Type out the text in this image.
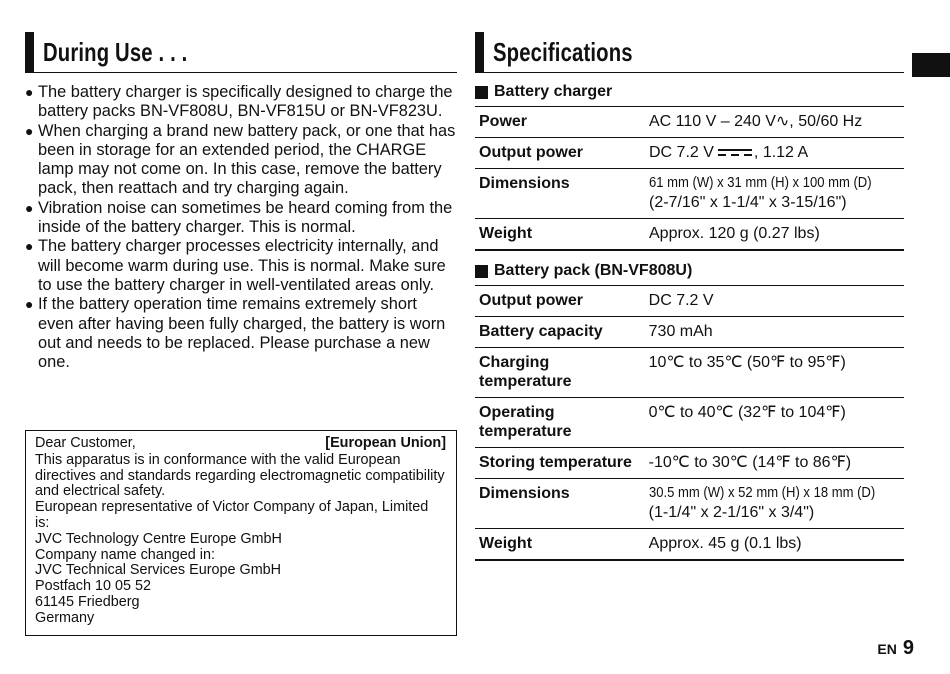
During Use . . .
● The battery charger is specifically designed to charge the battery packs BN-VF808U, BN-VF815U or BN-VF823U.
● When charging a brand new battery pack, or one that has been in storage for an extended period, the CHARGE lamp may not come on. In this case, remove the battery pack, then reattach and try charging again.
● Vibration noise can sometimes be heard coming from the inside of the battery charger. This is normal.
● The battery charger processes electricity internally, and will become warm during use. This is normal. Make sure to use the battery charger in well-ventilated areas only.
● If the battery operation time remains extremely short even after having been fully charged, the battery is worn out and needs to be replaced. Please purchase a new one.
Dear Customer,	[European Union]
This apparatus is in conformance with the valid European directives and standards regarding electromagnetic compatibility and electrical safety.
European representative of Victor Company of Japan, Limited is:
JVC Technology Centre Europe GmbH
Company name changed in:
JVC Technical Services Europe GmbH
Postfach 10 05 52
61145 Friedberg
Germany
Specifications
Battery charger
Power	AC 110 V – 240 V∿, 50/60 Hz
Output power	DC 7.2 V , 1.12 A
Dimensions	61 mm (W) x 31 mm (H) x 100 mm (D)
(2-7/16" x 1-1/4" x 3-15/16")
Weight	Approx. 120 g (0.27 lbs)
Battery pack (BN-VF808U)
Output power	DC 7.2 V
Battery capacity	730 mAh
Charging temperature	10℃ to 35℃ (50℉ to 95℉)
Operating temperature	0℃ to 40℃ (32℉ to 104℉)
Storing temperature	-10℃ to 30℃ (14℉ to 86℉)
Dimensions	30.5 mm (W) x 52 mm (H) x 18 mm (D)
(1-1/4" x 2-1/16" x 3/4")
Weight	Approx. 45 g (0.1 lbs)
EN 9
